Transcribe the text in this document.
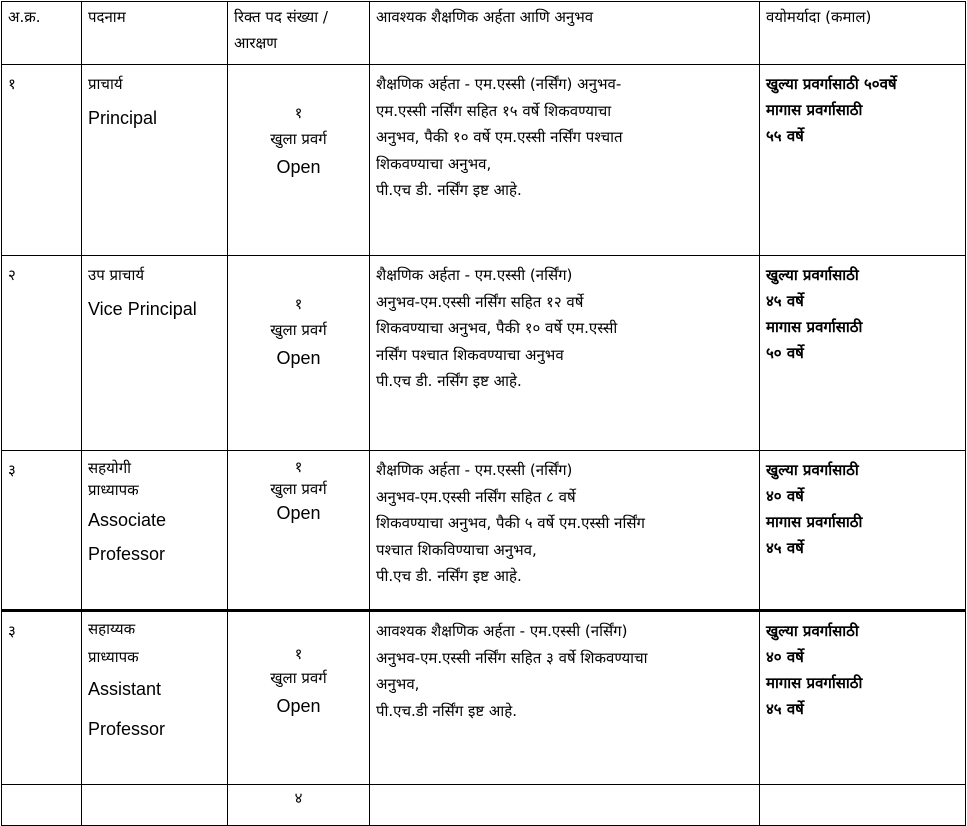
अ.क्र.	पदनाम	रिक्त पद संख्या /
आरक्षण	आवश्यक शैक्षणिक अर्हता आणि अनुभव	वयोमर्यादा (कमाल)
१	प्राचार्य
Principal	१
खुला प्रवर्ग
Open	शैक्षणिक अर्हता - एम.एस्सी (नर्सिंग) अनुभव-
एम.एस्सी नर्सिंग सहित १५ वर्षे शिकवण्याचा
अनुभव, पैकी १० वर्षे एम.एस्सी नर्सिंग पश्चात
शिकवण्याचा अनुभव,
पी.एच डी. नर्सिंग इष्ट आहे.	खुल्या प्रवर्गासाठी ५०वर्षे
मागास प्रवर्गासाठी
५५ वर्षे

२	उप प्राचार्य
Vice Principal	१
खुला प्रवर्ग
Open	शैक्षणिक अर्हता - एम.एस्सी (नर्सिंग)
अनुभव-एम.एस्सी नर्सिंग सहित १२ वर्षे
शिकवण्याचा अनुभव, पैकी १० वर्षे एम.एस्सी
नर्सिंग पश्चात शिकवण्याचा अनुभव
पी.एच डी. नर्सिंग इष्ट आहे.	खुल्या प्रवर्गासाठी
४५ वर्षे
मागास प्रवर्गासाठी
५० वर्षे

३	सहयोगी
प्राध्यापक
Associate
Professor	१
खुला प्रवर्ग
Open	शैक्षणिक अर्हता - एम.एस्सी (नर्सिंग)
अनुभव-एम.एस्सी नर्सिंग सहित ८ वर्षे
शिकवण्याचा अनुभव, पैकी ५ वर्षे एम.एस्सी नर्सिंग
पश्चात शिकविण्याचा अनुभव,
पी.एच डी. नर्सिंग इष्ट आहे.	खुल्या प्रवर्गासाठी
४० वर्षे
मागास प्रवर्गासाठी
४५ वर्षे

३	सहाय्यक
प्राध्यापक
Assistant
Professor	१
खुला प्रवर्ग
Open	आवश्यक शैक्षणिक अर्हता - एम.एस्सी (नर्सिंग)
अनुभव-एम.एस्सी नर्सिंग सहित ३ वर्षे शिकवण्याचा
अनुभव,
पी.एच.डी नर्सिंग इष्ट आहे.	खुल्या प्रवर्गासाठी
४० वर्षे
मागास प्रवर्गासाठी
४५ वर्षे

		४		
